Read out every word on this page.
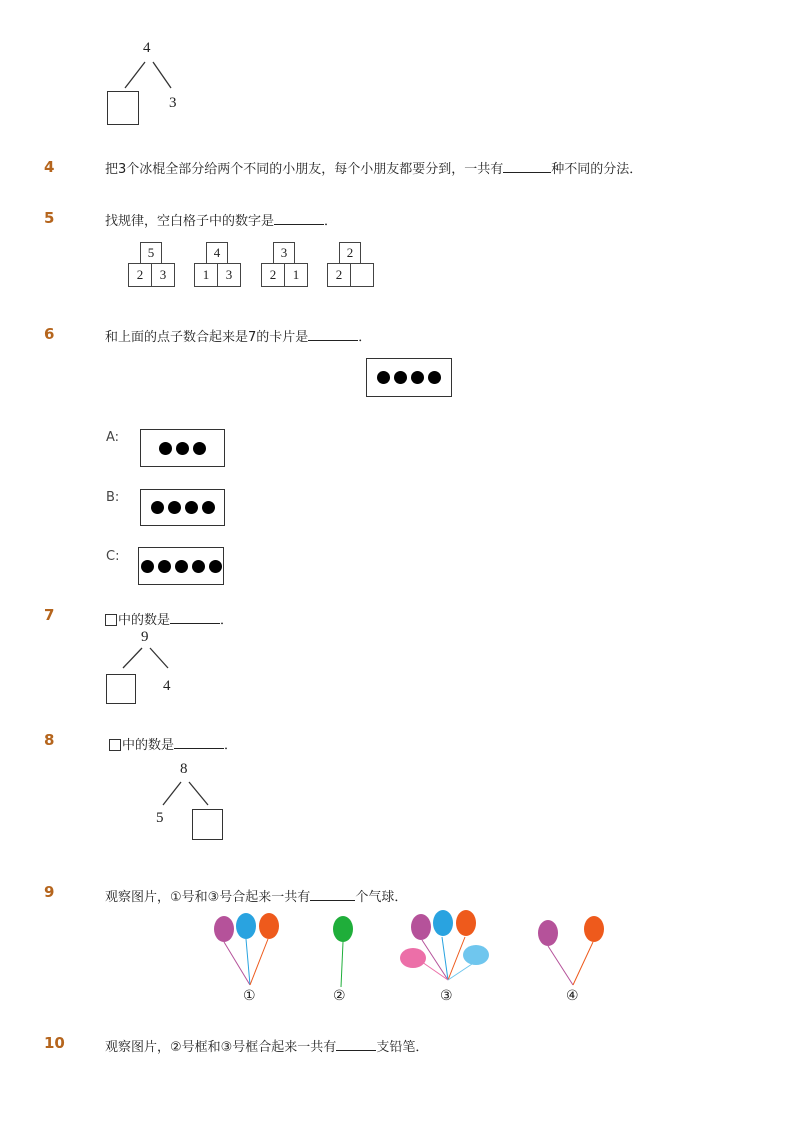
4
3
4	把3个冰棍全部分给两个不同的小朋友，每个小朋友都要分到，一共有	种不同的分法．
5	找规律，空白格子中的数字是	．
5
2	3
4
1	3
3
2	1
2
2
6	和上面的点子数合起来是7的卡片是	．
A:
B:
C:
7	中的数是	．
9
4
8	中的数是	．
8
5
9	观察图片，①号和③号合起来一共有	个气球．
①	②	③	④
10	观察图片，②号框和③号框合起来一共有	支铅笔．
